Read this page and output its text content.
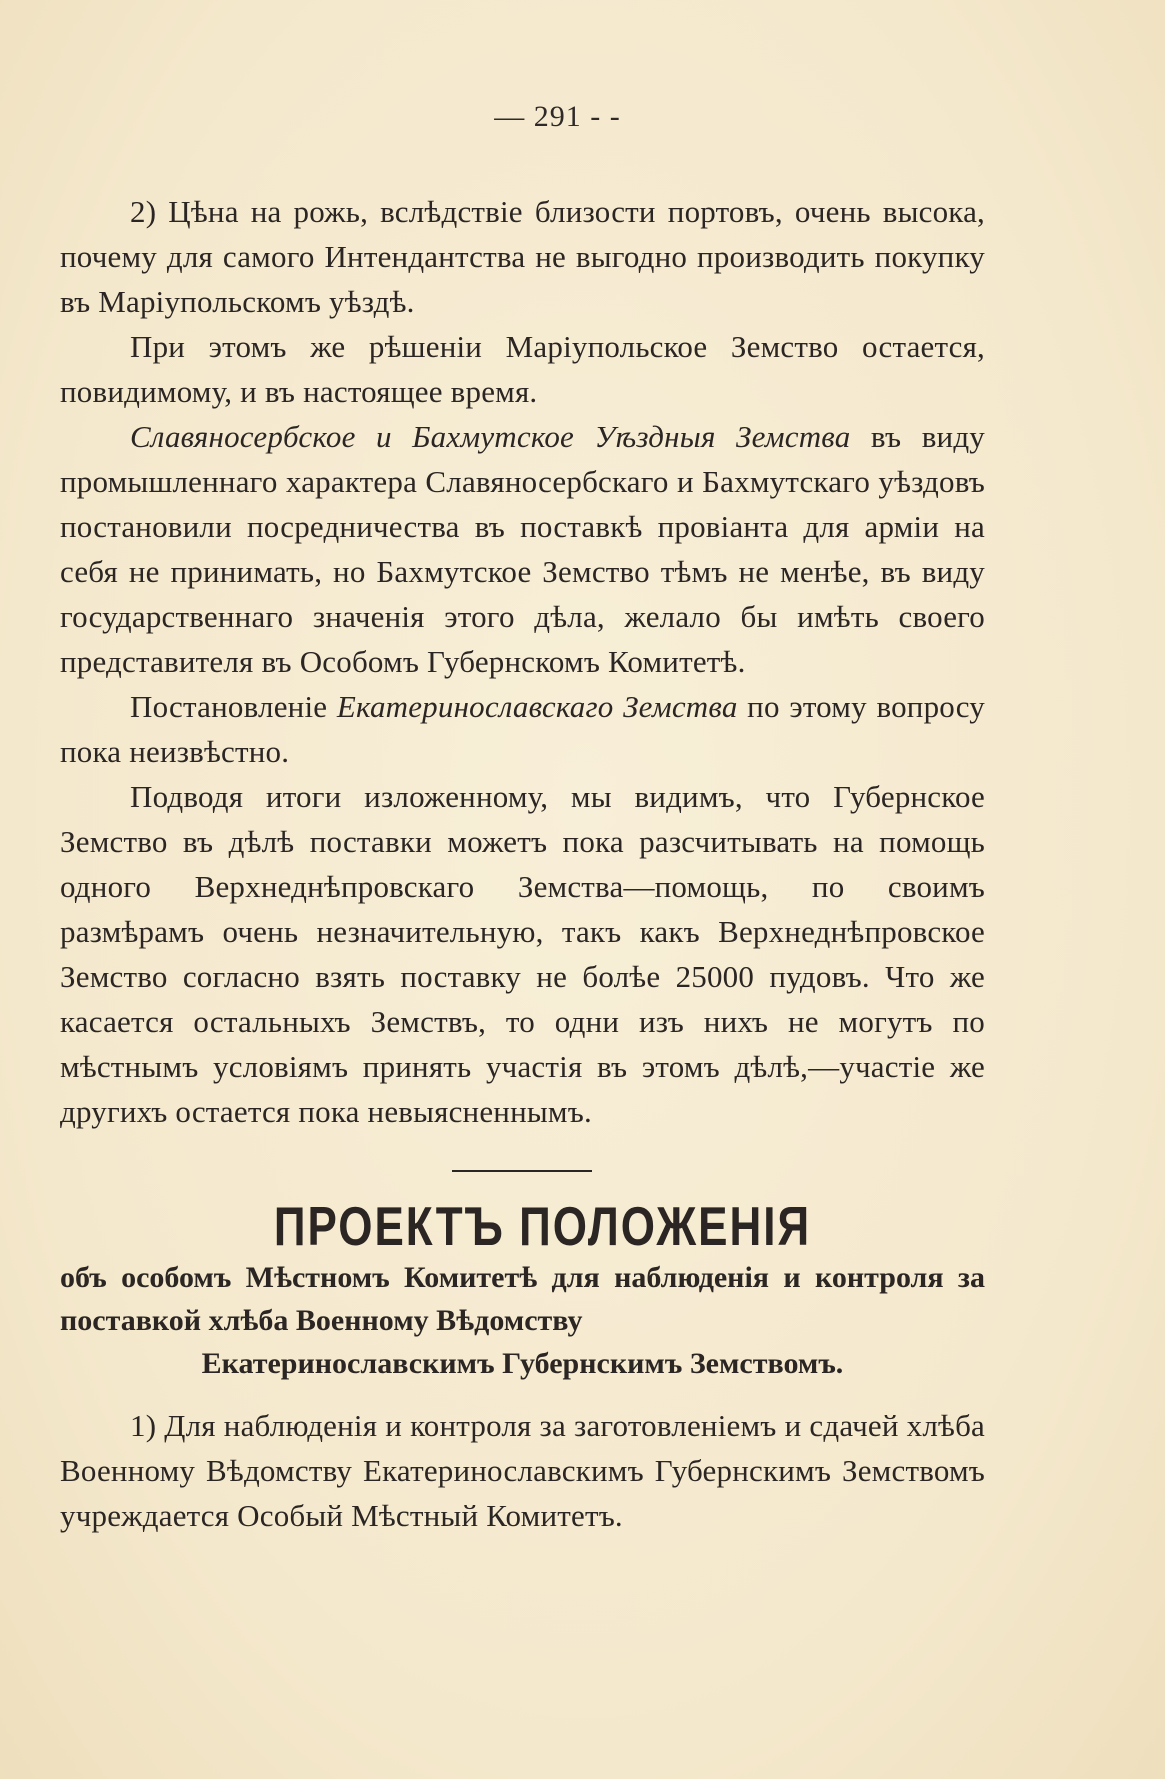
— 291 - -

2) Цѣна на рожь, вслѣдствіе близости портовъ, очень высока, почему для самого Интендантства не выгодно производить покупку въ Маріупольскомъ уѣздѣ.

При этомъ же рѣшеніи Маріупольское Земство остается, повидимому, и въ настоящее время.

Славяносербское и Бахмутское Уѣздныя Земства въ виду промышленнаго характера Славяносербскаго и Бахмутскаго уѣздовъ постановили посредничества въ поставкѣ провіанта для арміи на себя не принимать, но Бахмутское Земство тѣмъ не менѣе, въ виду государственнаго значенія этого дѣла, желало бы имѣть своего представителя въ Особомъ Губернскомъ Комитетѣ.

Постановленіе Екатеринославскаго Земства по этому вопросу пока неизвѣстно.

Подводя итоги изложенному, мы видимъ, что Губернское Земство въ дѣлѣ поставки можетъ пока разсчитывать на помощь одного Верхнеднѣпровскаго Земства—помощь, по своимъ размѣрамъ очень незначительную, такъ какъ Верхнеднѣпровское Земство согласно взять поставку не болѣе 25000 пудовъ. Что же касается остальныхъ Земствъ, то одни изъ нихъ не могутъ по мѣстнымъ условіямъ принять участія въ этомъ дѣлѣ,—участіе же другихъ остается пока невыясненнымъ.

ПРОЕКТЪ ПОЛОЖЕНІЯ
объ особомъ Мѣстномъ Комитетѣ для наблюденія и контроля за поставкой хлѣба Военному Вѣдомству
Екатеринославскимъ Губернскимъ Земствомъ.

1) Для наблюденія и контроля за заготовленіемъ и сдачей хлѣба Военному Вѣдомству Екатеринославскимъ Губернскимъ Земствомъ учреждается Особый Мѣстный Комитетъ.
